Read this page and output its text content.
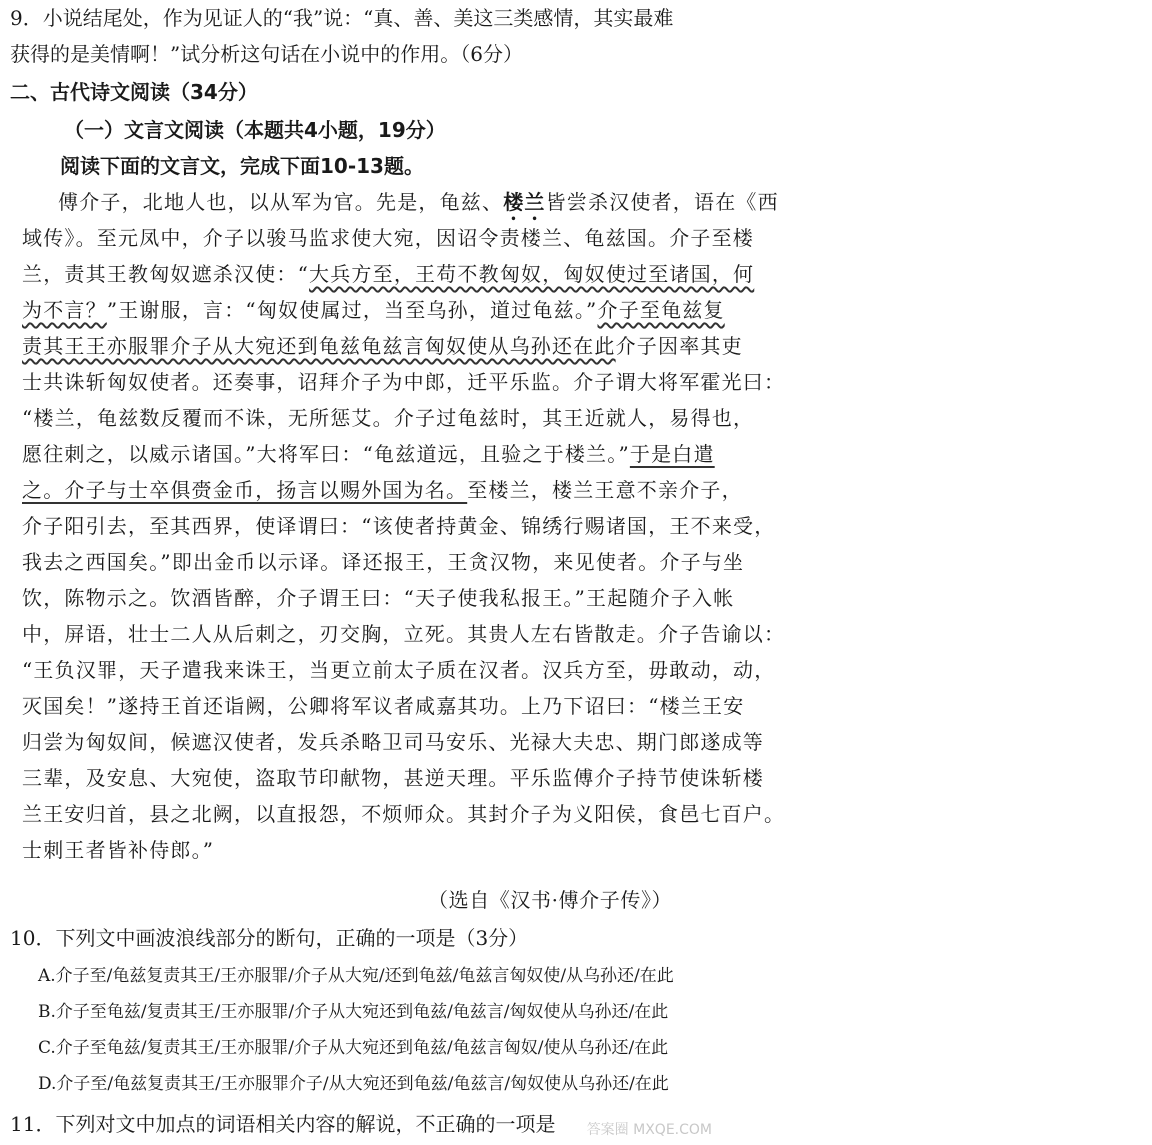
9．小说结尾处，作为见证人的“我”说：“真、善、美这三类感情，其实最难
获得的是美情啊！”试分析这句话在小说中的作用。（6分）
二、古代诗文阅读（34分）
（一）文言文阅读（本题共4小题，19分）
阅读下面的文言文，完成下面10-13题。
傅介子，北地人也，以从军为官。先是，龟兹、楼兰皆尝杀汉使者，语在《西
域传》。至元凤中，介子以骏马监求使大宛，因诏令责楼兰、龟兹国。介子至楼
兰，责其王教匈奴遮杀汉使：“大兵方至，王苟不教匈奴，匈奴使过至诸国，何
为不言？”王谢服，言：“匈奴使属过，当至乌孙，道过龟兹。”介子至龟兹复
责其王王亦服罪介子从大宛还到龟兹龟兹言匈奴使从乌孙还在此介子因率其吏
士共诛斩匈奴使者。还奏事，诏拜介子为中郎，迁平乐监。介子谓大将军霍光曰：
“楼兰，龟兹数反覆而不诛，无所惩艾。介子过龟兹时，其王近就人，易得也，
愿往刺之，以威示诸国。”大将军曰：“龟兹道远，且验之于楼兰。”于是白遣
之。介子与士卒俱赍金币，扬言以赐外国为名。至楼兰，楼兰王意不亲介子，
介子阳引去，至其西界，使译谓曰：“该使者持黄金、锦绣行赐诸国，王不来受，
我去之西国矣。”即出金币以示译。译还报王，王贪汉物，来见使者。介子与坐
饮，陈物示之。饮酒皆醉，介子谓王曰：“天子使我私报王。”王起随介子入帐
中，屏语，壮士二人从后刺之，刃交胸，立死。其贵人左右皆散走。介子告谕以：
“王负汉罪，天子遣我来诛王，当更立前太子质在汉者。汉兵方至，毋敢动，动，
灭国矣！”遂持王首还诣阙，公卿将军议者咸嘉其功。上乃下诏曰：“楼兰王安
归尝为匈奴间，候遮汉使者，发兵杀略卫司马安乐、光禄大夫忠、期门郎遂成等
三辈，及安息、大宛使，盗取节印献物，甚逆天理。平乐监傅介子持节使诛斩楼
兰王安归首，县之北阙，以直报怨，不烦师众。其封介子为义阳侯，食邑七百户。
士刺王者皆补侍郎。”
（选自《汉书·傅介子传》）
10．下列文中画波浪线部分的断句，正确的一项是（3分）
A.介子至/龟兹复责其王/王亦服罪/介子从大宛/还到龟兹/龟兹言匈奴使/从乌孙还/在此
B.介子至龟兹/复责其王/王亦服罪/介子从大宛还到龟兹/龟兹言/匈奴使从乌孙还/在此
C.介子至龟兹/复责其王/王亦服罪/介子从大宛还到龟兹/龟兹言匈奴/使从乌孙还/在此
D.介子至/龟兹复责其王/王亦服罪介子/从大宛还到龟兹/龟兹言/匈奴使从乌孙还/在此
11．下列对文中加点的词语相关内容的解说，不正确的一项是	答案圈 MXQE.COM
